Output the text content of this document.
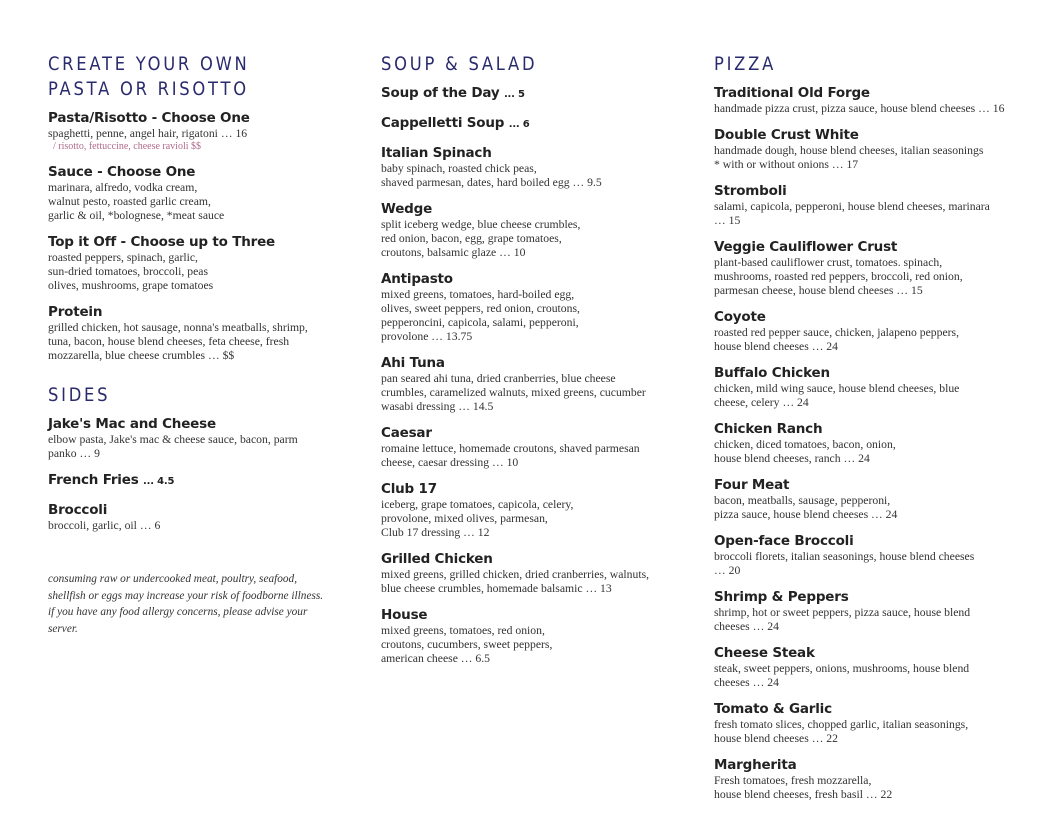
CREATE YOUR OWN
PASTA OR RISOTTO
Pasta/Risotto - Choose One
spaghetti, penne, angel hair, rigatoni … 16
/ risotto, fettuccine, cheese ravioli $$
Sauce - Choose One
marinara, alfredo, vodka cream,
walnut pesto, roasted garlic cream,
garlic & oil, *bolognese, *meat sauce
Top it Off - Choose up to Three
roasted peppers, spinach, garlic,
sun-dried tomatoes, broccoli, peas
olives, mushrooms, grape tomatoes
Protein
grilled chicken, hot sausage, nonna's meatballs, shrimp,
tuna, bacon, house blend cheeses, feta cheese, fresh
mozzarella, blue cheese crumbles … $$
SIDES
Jake's Mac and Cheese
elbow pasta, Jake's mac & cheese sauce, bacon, parm
panko … 9
French Fries ... 4.5
Broccoli
broccoli, garlic, oil … 6
consuming raw or undercooked meat, poultry, seafood,
shellfish or eggs may increase your risk of foodborne illness.
if you have any food allergy concerns, please advise your
server.
SOUP & SALAD
Soup of the Day ... 5
Cappelletti Soup ... 6
Italian Spinach
baby spinach, roasted chick peas,
shaved parmesan, dates, hard boiled egg … 9.5
Wedge
split iceberg wedge, blue cheese crumbles,
red onion, bacon, egg, grape tomatoes,
croutons, balsamic glaze … 10
Antipasto
mixed greens, tomatoes, hard-boiled egg,
olives, sweet peppers, red onion, croutons,
pepperoncini, capicola, salami, pepperoni,
provolone … 13.75
Ahi Tuna
pan seared ahi tuna, dried cranberries, blue cheese
crumbles, caramelized walnuts, mixed greens, cucumber
wasabi dressing … 14.5
Caesar
romaine lettuce, homemade croutons, shaved parmesan
cheese, caesar dressing … 10
Club 17
iceberg, grape tomatoes, capicola, celery,
provolone, mixed olives, parmesan,
Club 17 dressing … 12
Grilled Chicken
mixed greens, grilled chicken, dried cranberries, walnuts,
blue cheese crumbles, homemade balsamic … 13
House
mixed greens, tomatoes, red onion,
croutons, cucumbers, sweet peppers,
american cheese … 6.5
PIZZA
Traditional Old Forge
handmade pizza crust, pizza sauce, house blend cheeses … 16
Double Crust White
handmade dough, house blend cheeses, italian seasonings
* with or without onions … 17
Stromboli
salami, capicola, pepperoni, house blend cheeses, marinara
… 15
Veggie Cauliflower Crust
plant-based cauliflower crust, tomatoes. spinach,
mushrooms, roasted red peppers, broccoli, red onion,
parmesan cheese, house blend cheeses … 15
Coyote
roasted red pepper sauce, chicken, jalapeno peppers,
house blend cheeses … 24
Buffalo Chicken
chicken, mild wing sauce, house blend cheeses, blue
cheese, celery … 24
Chicken Ranch
chicken, diced tomatoes, bacon, onion,
house blend cheeses, ranch … 24
Four Meat
bacon, meatballs, sausage, pepperoni,
pizza sauce, house blend cheeses … 24
Open-face Broccoli
broccoli florets, italian seasonings, house blend cheeses
… 20
Shrimp & Peppers
shrimp, hot or sweet peppers, pizza sauce, house blend
cheeses … 24
Cheese Steak
steak, sweet peppers, onions, mushrooms, house blend
cheeses … 24
Tomato & Garlic
fresh tomato slices, chopped garlic, italian seasonings,
house blend cheeses … 22
Margherita
Fresh tomatoes, fresh mozzarella,
house blend cheeses, fresh basil … 22
